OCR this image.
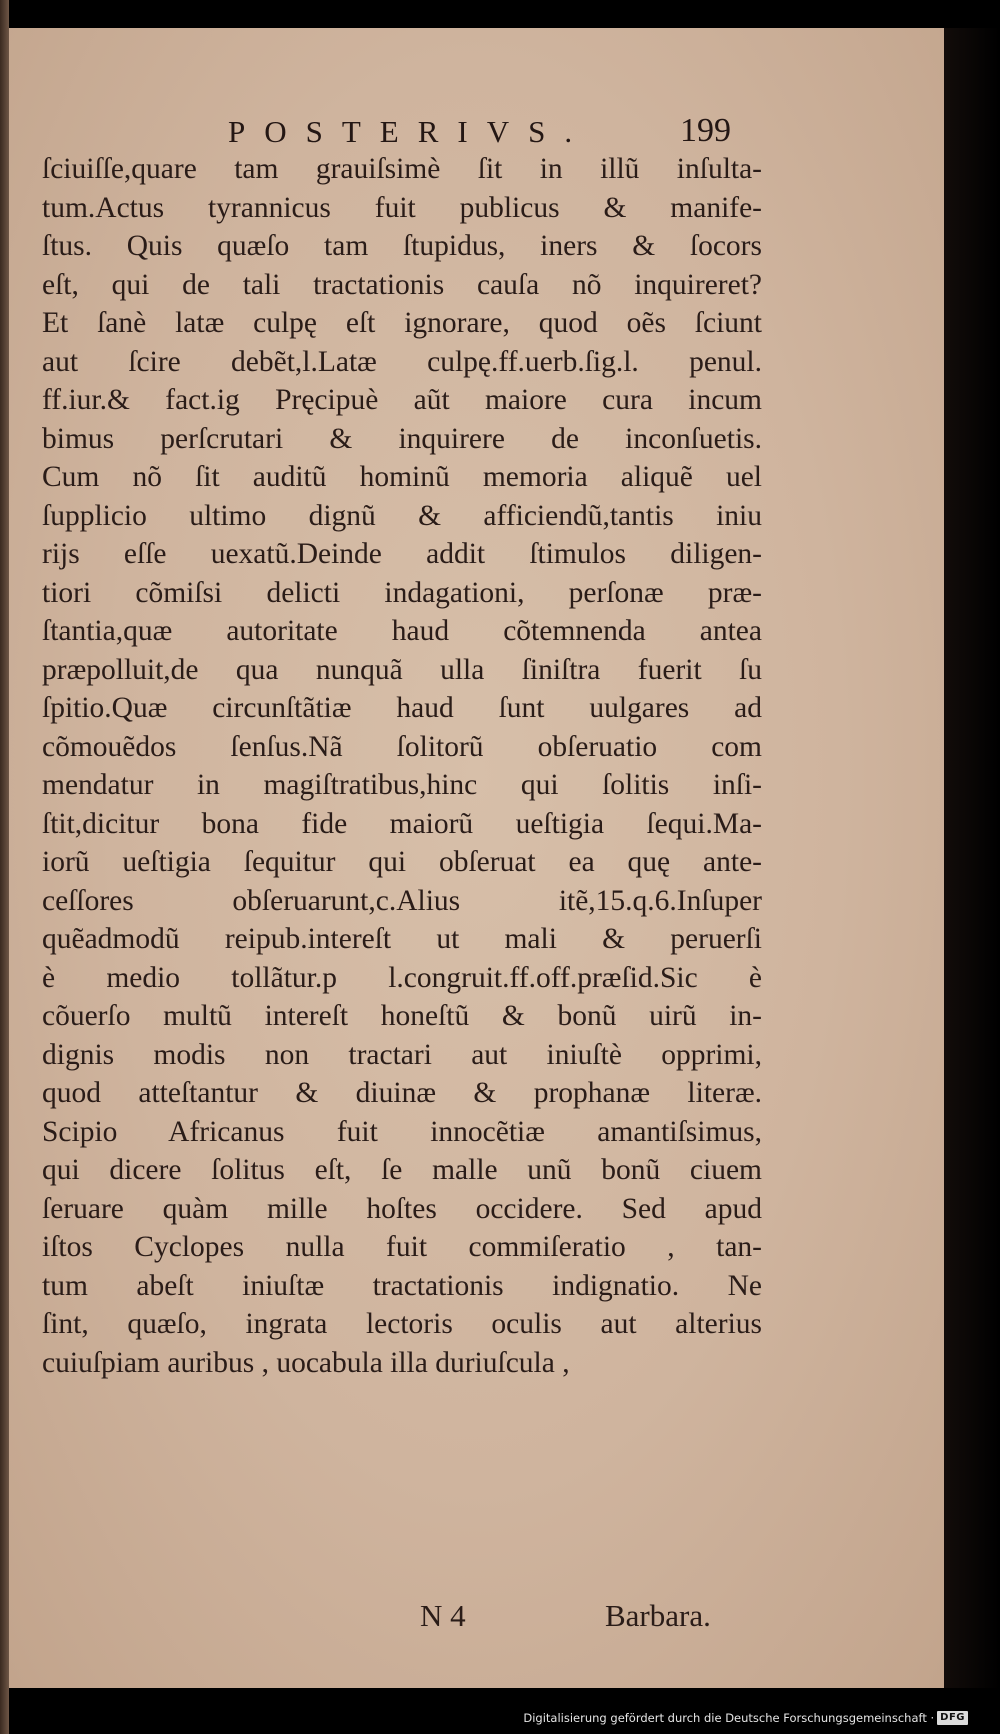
POSTERIVS.	199
ſciuiſſe,quare tam grauiſsimè ſit in illũ inſulta-
tum.Actus tyrannicus fuit publicus & manife-
ſtus. Quis quæſo tam ſtupidus, iners & ſocors
eſt, qui de tali tractationis cauſa nõ inquireret?
Et ſanè latæ culpę eſt ignorare, quod oẽs ſciunt
aut ſcire debẽt,l.Latæ culpę.ff.uerb.ſig.l. penul.
ff.iur.& fact.ig Pręcipuè aũt maiore cura incum
bimus perſcrutari & inquirere de inconſuetis.
Cum nõ ſit auditũ hominũ memoria aliquẽ uel
ſupplicio ultimo dignũ & afficiendũ,tantis iniu
rijs eſſe uexatũ.Deinde addit ſtimulos diligen-
tiori cõmiſsi delicti indagationi, perſonæ præ-
ſtantia,quæ autoritate haud cõtemnenda antea
præpolluit,de qua nunquã ulla ſiniſtra fuerit ſu
ſpitio.Quæ circunſtãtiæ haud ſunt uulgares ad
cõmouẽdos ſenſus.Nã ſolitorũ obſeruatio com
mendatur in magiſtratibus,hinc qui ſolitis inſi-
ſtit,dicitur bona fide maiorũ ueſtigia ſequi.Ma-
iorũ ueſtigia ſequitur qui obſeruat ea quę ante-
ceſſores obſeruarunt,c.Alius itẽ,15.q.6.Inſuper
quẽadmodũ reipub.intereſt ut mali & peruerſi
è medio tollãtur.p l.congruit.ff.off.præſid.Sic è
cõuerſo multũ intereſt honeſtũ & bonũ uirũ in-
dignis modis non tractari aut iniuſtè opprimi,
quod atteſtantur & diuinæ & prophanæ literæ.
Scipio Africanus fuit innocẽtiæ amantiſsimus,
qui dicere ſolitus eſt, ſe malle unũ bonũ ciuem
ſeruare quàm mille hoſtes occidere. Sed apud
iſtos Cyclopes nulla fuit commiſeratio , tan-
tum abeſt iniuſtæ tractationis indignatio. Ne
ſint, quæſo, ingrata lectoris oculis aut alterius
cuiuſpiam auribus , uocabula illa duriuſcula ,
N 4	Barbara.
Digitalisierung gefördert durch die Deutsche Forschungsgemeinschaft · DFG
